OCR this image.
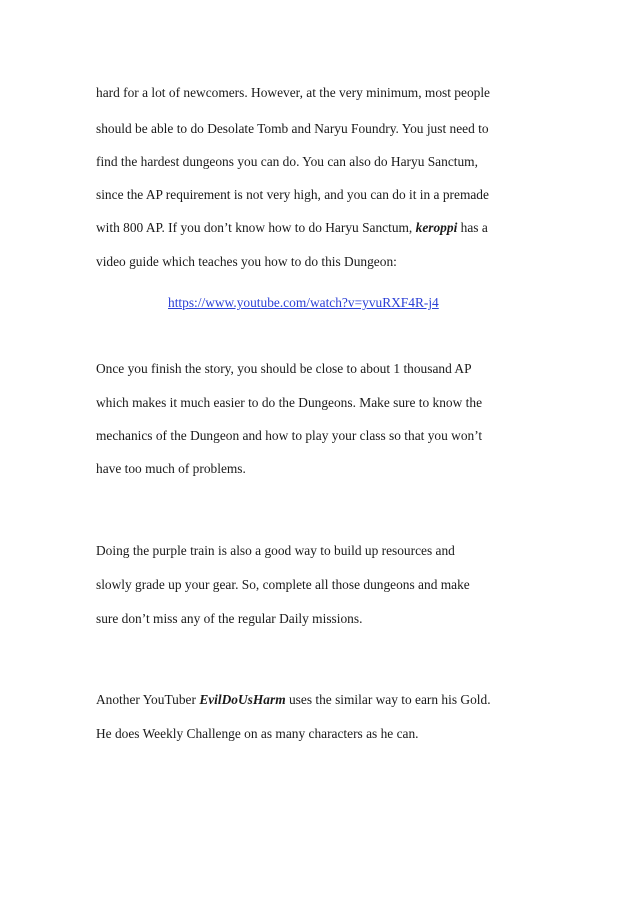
hard for a lot of newcomers. However, at the very minimum, most people
should be able to do Desolate Tomb and Naryu Foundry. You just need to
find the hardest dungeons you can do. You can also do Haryu Sanctum,
since the AP requirement is not very high, and you can do it in a premade
with 800 AP. If you don’t know how to do Haryu Sanctum, keroppi has a
video guide which teaches you how to do this Dungeon:
https://www.youtube.com/watch?v=yvuRXF4R-j4
Once you finish the story, you should be close to about 1 thousand AP
which makes it much easier to do the Dungeons. Make sure to know the
mechanics of the Dungeon and how to play your class so that you won’t
have too much of problems.
Doing the purple train is also a good way to build up resources and
slowly grade up your gear. So, complete all those dungeons and make
sure don’t miss any of the regular Daily missions.
Another YouTuber EvilDoUsHarm uses the similar way to earn his Gold.
He does Weekly Challenge on as many characters as he can.
